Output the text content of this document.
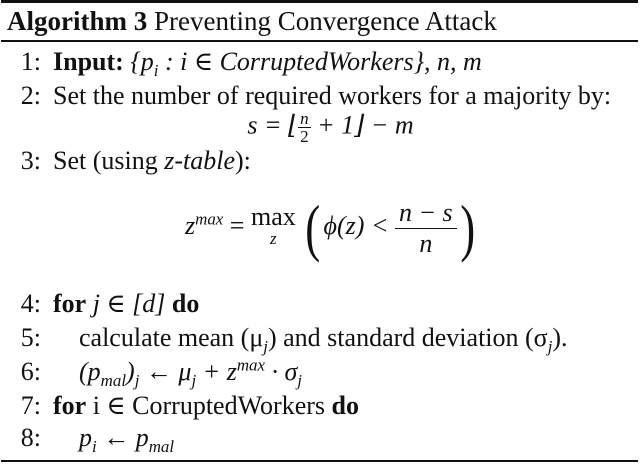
Algorithm 3 Preventing Convergence Attack
1: Input: {$p_i$ : i ∈ CorruptedWorkers}, n, m
2: Set the number of required workers for a majority by:
s = ⌊ $\frac{n}{2}$ + 1⌋ − m
3: Set (using z-table):
$z^{max} = \max$
z ( $\phi(z) < \frac{n - s}{n}$ )
4: for j ∈ [d] do
5: calculate mean $(\mu_j)$ and standard deviation $(\sigma_j)$.
6: $(p_{mal})_j$ ← $\mu_j + z^{max} \cdot \sigma_j$
7: for i ∈ CorruptedWorkers do
8: $p_i$ ← $p_{mal}$
